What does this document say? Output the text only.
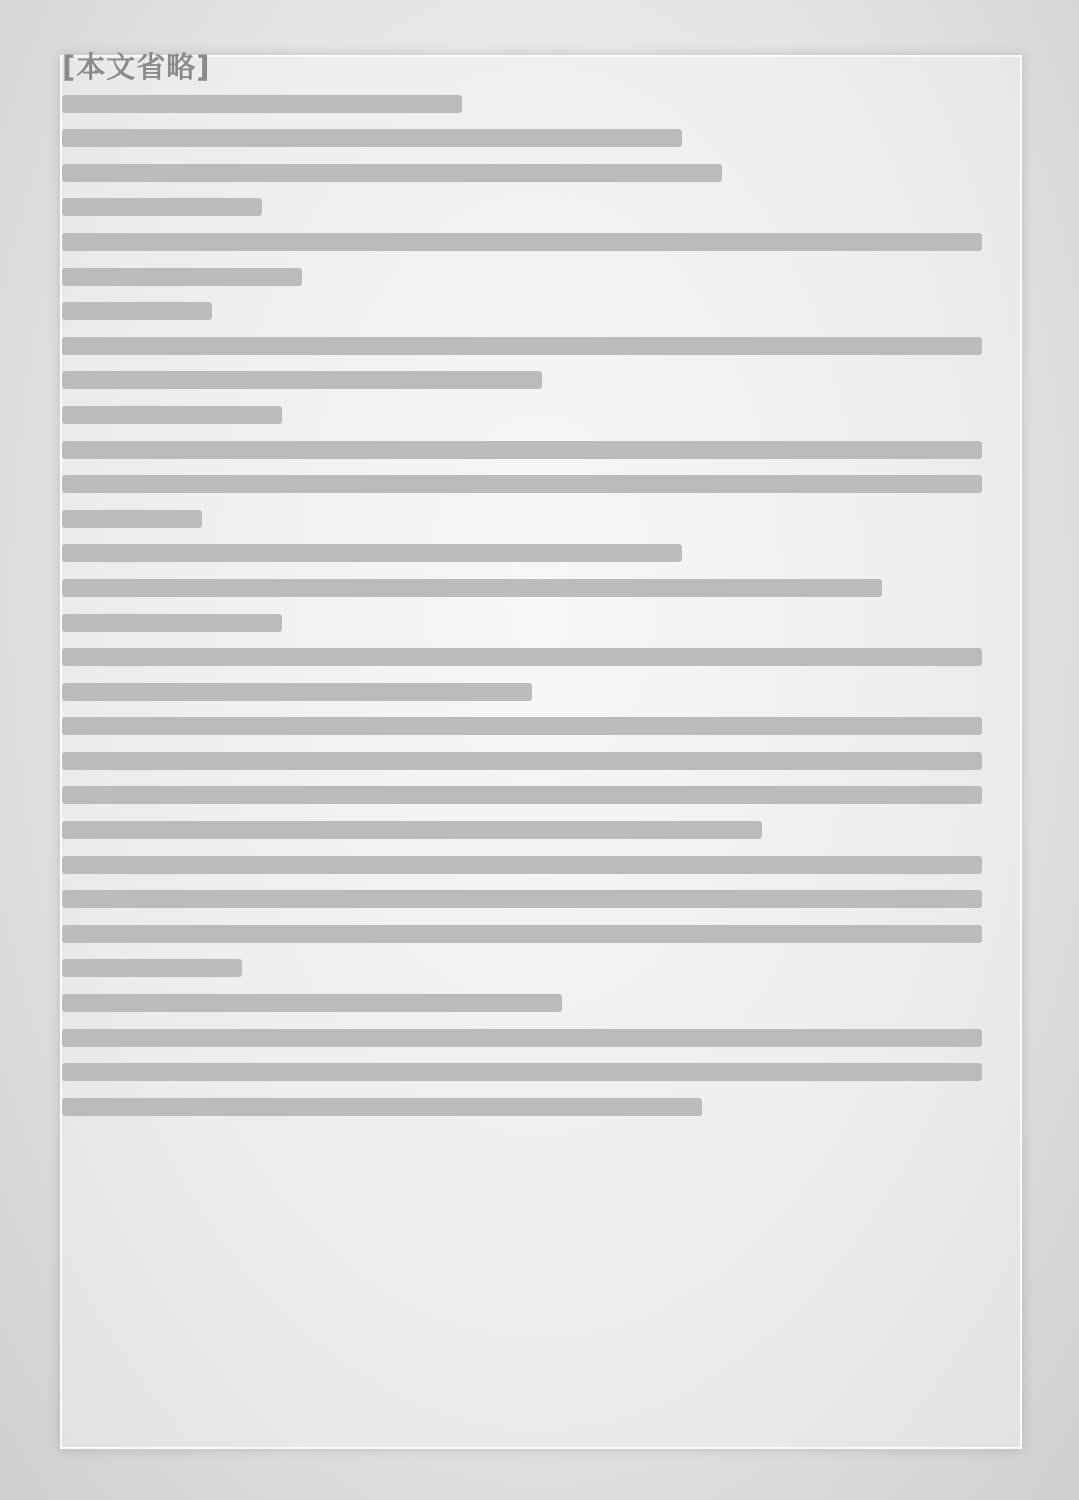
[本文省略]
